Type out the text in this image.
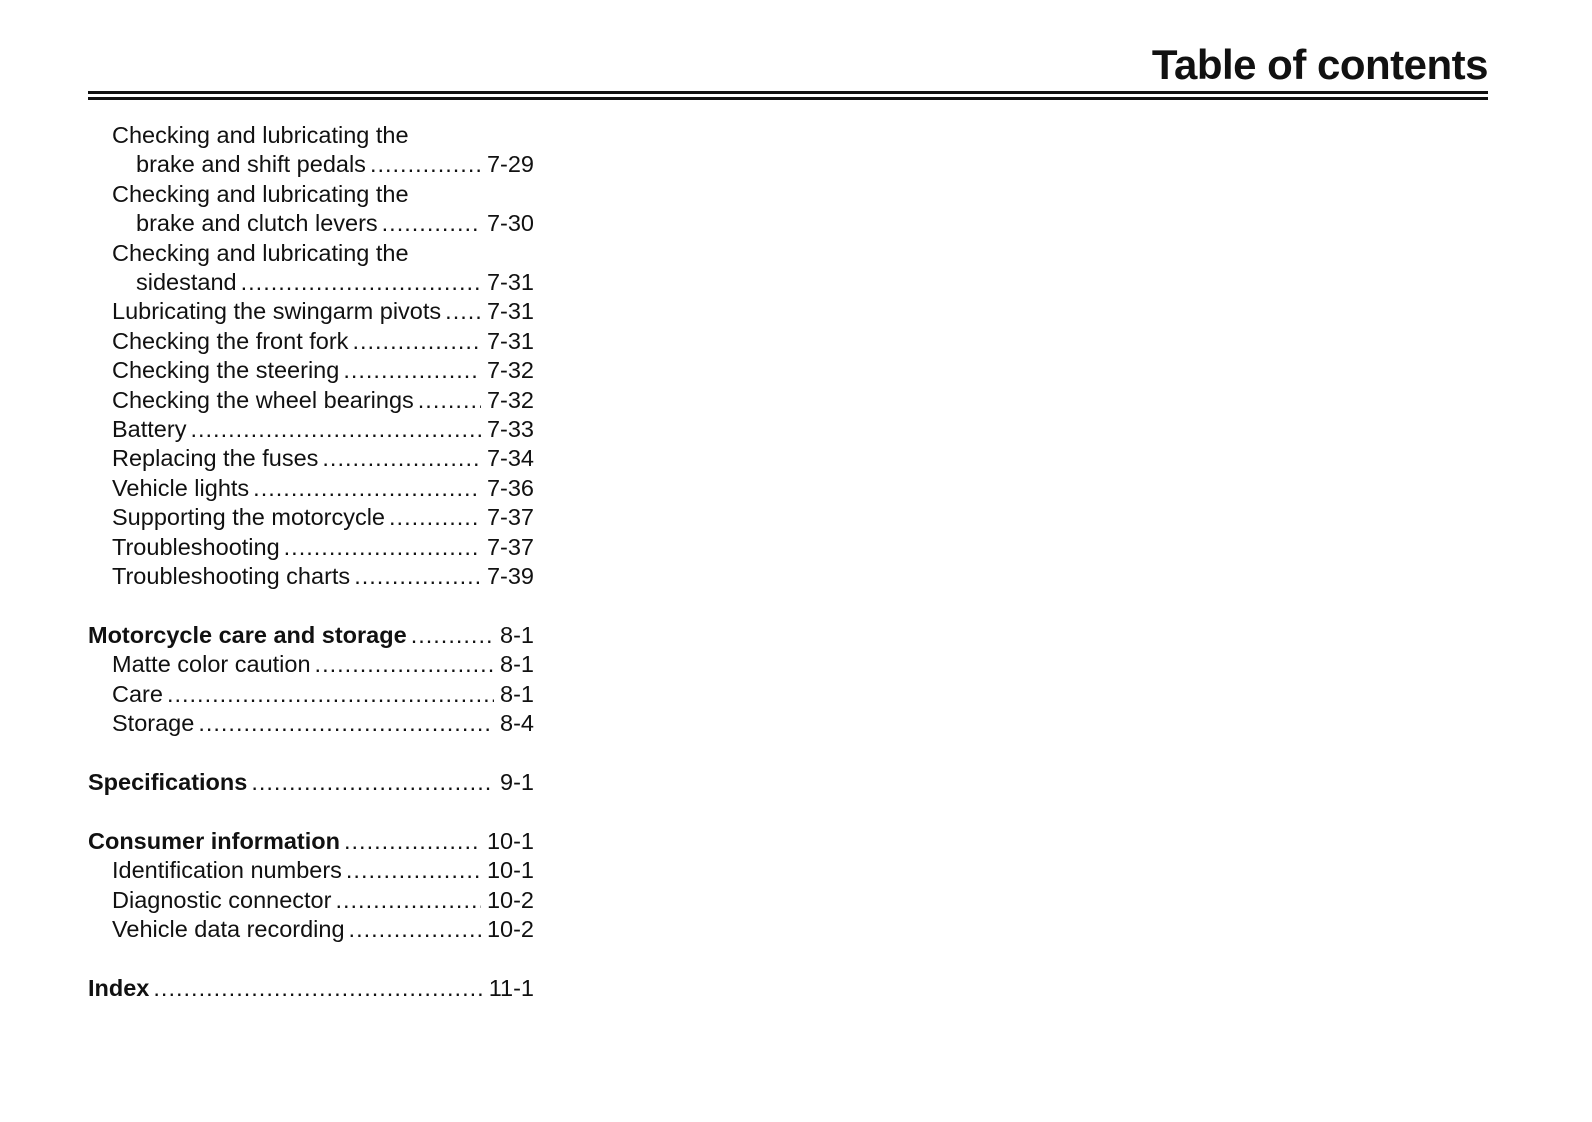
Table of contents
Checking and lubricating the
brake and shift pedals .....	7-29
Checking and lubricating the
brake and clutch levers .....	7-30
Checking and lubricating the
sidestand .....	7-31
Lubricating the swingarm pivots ..... 7-31
Checking the front fork .....	7-31
Checking the steering .....	7-32
Checking the wheel bearings .....	7-32
Battery .....	7-33
Replacing the fuses .....	7-34
Vehicle lights .....	7-36
Supporting the motorcycle .....	7-37
Troubleshooting .....	7-37
Troubleshooting charts .....	7-39
Motorcycle care and storage .....	8-1
Matte color caution .....	8-1
Care .....	8-1
Storage .....	8-4
Specifications .....	9-1
Consumer information .....	10-1
Identification numbers .....	10-1
Diagnostic connector .....	10-2
Vehicle data recording .....	10-2
Index .....	11-1
